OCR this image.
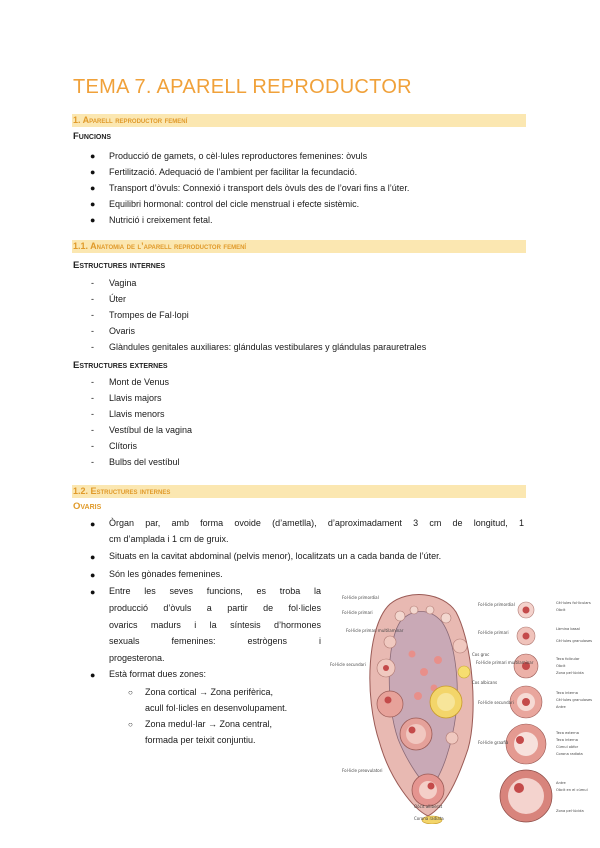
TEMA 7. APARELL REPRODUCTOR
1. Aparell reproductor femení
Funcions
● Producció de gamets, o cèl·lules reproductores femenines: òvuls
● Fertilització. Adequació de l’ambient per facilitar la fecundació.
● Transport d’òvuls: Connexió i transport dels òvuls des de l’ovari fins a l’úter.
● Equilibri hormonal: control del cicle menstrual i efecte sistèmic.
● Nutrició i creixement fetal.
1.1. Anatomia de l’aparell reproductor femení
Estructures internes
- Vagina
- Úter
- Trompes de Fal·lopi
- Ovaris
- Glàndules genitales auxiliares: glándulas vestibulares y glándulas parauretrales
Estructures externes
- Mont de Venus
- Llavis majors
- Llavis menors
- Vestíbul de la vagina
- Clítoris
- Bulbs del vestíbul
1.2. Estructures internes
Ovaris
● Òrgan par, amb forma ovoide (d’ametlla), d’aproximadament 3 cm de longitud, 1
cm d’amplada i 1 cm de gruix.
● Situats en la cavitat abdominal (pelvis menor), localitzats un a cada banda de l’úter.
● Són les gònades femenines.
● Entre les seves funcions, es troba la
producció d’òvuls a partir de fol·licles
ovarics madurs i la síntesis d’hormones
sexuals femenines: estrògens i
progesterona.
● Està format dues zones:
○ Zona cortical → Zona perifèrica,
acull fol·licles en desenvolupament.
○ Zona medul·lar → Zona central,
formada per teixit conjuntiu.
Fol·licle primordial
Fol·licle primari
Fol·licle primari multilaminar
Fol·licle secundari
Fol·licle preovulatori
Cos groc
Cos albicans
Oòcit alliberat
Corona radiata
Fol·licle primordial
Fol·licle primari
Fol·licle primari multilaminar
Fol·licle secundari
Fol·licle graafià
Cèl·lules fol·liculars
Oòcit
Làmina basal
Cèl·lules granuloses
Teca folicular
Oòcit
Zona pel·lúcida
Teca interna
Cèl·lules granuloses
Antre
Teca externa
Teca interna
Cúmul oòfor
Corona radiata
Antre
Oòcit en el cúmul
Zona pel·lúcida
